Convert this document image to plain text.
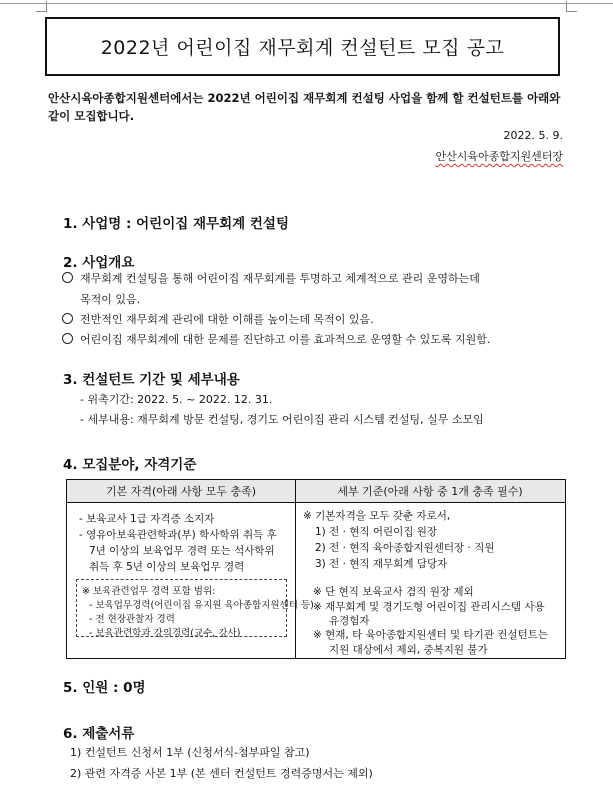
2022년 어린이집 재무회계 컨설턴트 모집 공고
안산시육아종합지원센터에서는 2022년 어린이집 재무회계 컨설팅 사업을 함께 할 컨설턴트를 아래와 같이 모집합니다.
2022. 5. 9.
안산시육아종합지원센터장
1. 사업명 : 어린이집 재무회계 컨설팅
2. 사업개요
재무회계 컨설팅을 통해 어린이집 재무회계를 투명하고 체계적으로 관리 운영하는데
목적이 있음.
전반적인 재무회계 관리에 대한 이해를 높이는데 목적이 있음.
어린이집 재무회계에 대한 문제를 진단하고 이를 효과적으로 운영할 수 있도록 지원함.
3. 컨설턴트 기간 및 세부내용
- 위촉기간: 2022. 5. ~ 2022. 12. 31.
- 세부내용: 재무회계 방문 컨설팅, 경기도 어린이집 관리 시스템 컨설팅, 실무 소모임
4. 모집분야, 자격기준
기본 자격(아래 사항 모두 충족)	세부 기준(아래 사항 중 1개 충족 필수)
- 보육교사 1급 자격증 소지자
- 영유아보육관련학과(부) 학사학위 취득 후
7년 이상의 보육업무 경력 또는 석사학위
취득 후 5년 이상의 보육업무 경력
※ 보육관련업무 경력 포함 범위:
- 보육업무경력(어린이집 유지원 육아종합지원센터 등)
- 전 현장관찰자 경력
- 보육관련학과 강의경력(교수, 강사)
※ 기본자격을 모두 갖춘 자로서,
1) 전 · 현직 어린이집 원장
2) 전 · 현직 육아종합지원센터장 · 직원
3) 전 · 현직 재무회계 담당자
※ 단 현직 보육교사 겸직 원장 제외
※ 재무회계 및 경기도형 어린이집 관리시스템 사용
유경험자
※ 현재, 타 육아종합지원센터 및 타기관 컨설턴트는
지원 대상에서 제외, 중복지원 불가
5. 인원 : 0명
6. 제출서류
1) 컨설턴트 신청서 1부 (신청서식-첨부파일 참고)
2) 관련 자격증 사본 1부 (본 센터 컨설턴트 경력증명서는 제외)
